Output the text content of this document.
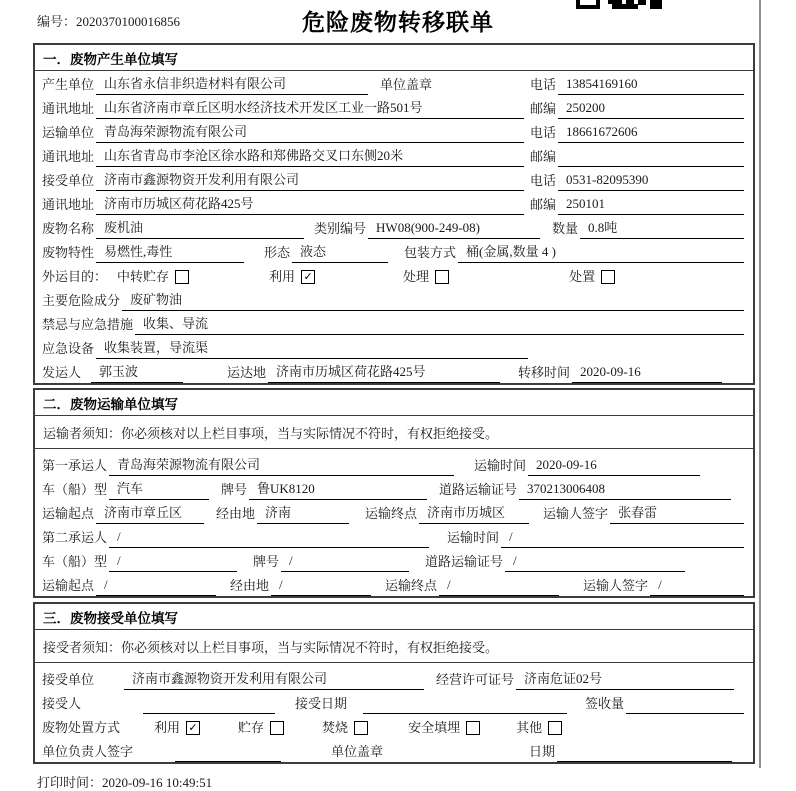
编号：2020370100016856	危险废物转移联单
一．废物产生单位填写
产生单位 山东省永信非织造材料有限公司	单位盖章	电话 13854169160
通讯地址 山东省济南市章丘区明水经济技术开发区工业一路501号	邮编 250200
运输单位 青岛海荣源物流有限公司	电话 18661672606
通讯地址 山东省青岛市李沧区徐水路和郑佛路交叉口东侧20米	邮编
接受单位 济南市鑫源物资开发利用有限公司	电话 0531-82095390
通讯地址 济南市历城区荷花路425号	邮编 250101
废物名称 废机油	类别编号 HW08(900-249-08)	数量 0.8吨
废物特性 易燃性,毒性	形态 液态	包装方式 桶(金属,数量 4 )
外运目的： 中转贮存	利用 ✓	处理	处置
主要危险成分 废矿物油
禁忌与应急措施 收集、导流
应急设备 收集装置，导流渠
发运人	郭玉波	运达地 济南市历城区荷花路425号	转移时间 2020-09-16
二．废物运输单位填写
运输者须知：你必须核对以上栏目事项，当与实际情况不符时，有权拒绝接受。
第一承运人 青岛海荣源物流有限公司	运输时间 2020-09-16
车（船）型 汽车	牌号 鲁UK8120	道路运输证号 370213006408
运输起点 济南市章丘区	经由地 济南	运输终点 济南市历城区	运输人签字 张春雷
第二承运人 /	运输时间 /
车（船）型 /	牌号 /	道路运输证号 /
运输起点 /	经由地 /	运输终点 /	运输人签字 /
三．废物接受单位填写
接受者须知：你必须核对以上栏目事项，当与实际情况不符时，有权拒绝接受。
接受单位	济南市鑫源物资开发利用有限公司	经营许可证号 济南危证02号
接受人	接受日期	签收量
废物处置方式	利用 ✓	贮存	焚烧	安全填埋	其他
单位负责人签字	单位盖章	日期
打印时间：2020-09-16 10:49:51
